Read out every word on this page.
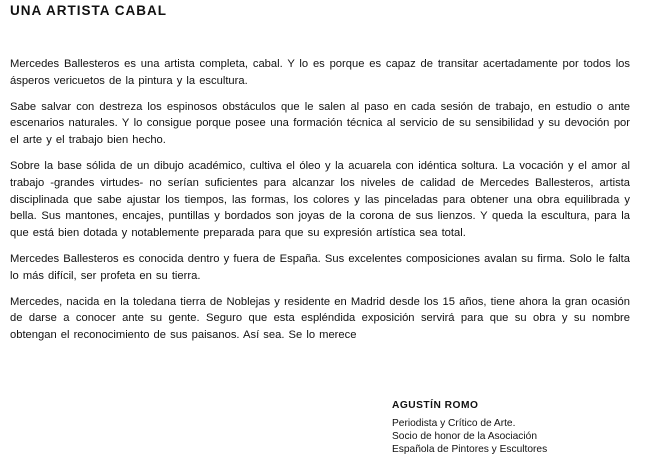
UNA ARTISTA CABAL

Mercedes Ballesteros es una artista completa, cabal. Y lo es porque es capaz de transitar acertadamente por todos los ásperos vericuetos de la pintura y la escultura.

Sabe salvar con destreza los espinosos obstáculos que le salen al paso en cada sesión de trabajo, en estudio o ante escenarios naturales. Y lo consigue porque posee una formación técnica al servicio de su sensibilidad y su devoción por el arte y el trabajo bien hecho.

Sobre la base sólida de un dibujo académico, cultiva el óleo y la acuarela con idéntica soltura. La vocación y el amor al trabajo -grandes virtudes- no serían suficientes para alcanzar los niveles de calidad de Mercedes Ballesteros, artista disciplinada que sabe ajustar los tiempos, las formas, los colores y las pinceladas para obtener una obra equilibrada y bella. Sus mantones, encajes, puntillas y bordados son joyas de la corona de sus lienzos. Y queda la escultura, para la que está bien dotada y notablemente preparada para que su expresión artística sea total.

Mercedes Ballesteros es conocida dentro y fuera de España. Sus excelentes composiciones avalan su firma. Solo le falta lo más difícil, ser profeta en su tierra.

Mercedes, nacida en la toledana tierra de Noblejas y residente en Madrid desde los 15 años, tiene ahora la gran ocasión de darse a conocer ante su gente. Seguro que esta espléndida exposición servirá para que su obra y su nombre obtengan el reconocimiento de sus paisanos. Así sea. Se lo merece

AGUSTÍN ROMO

Periodista y Crítico de Arte.

Socio de honor de la Asociación

Española de Pintores y Escultores
